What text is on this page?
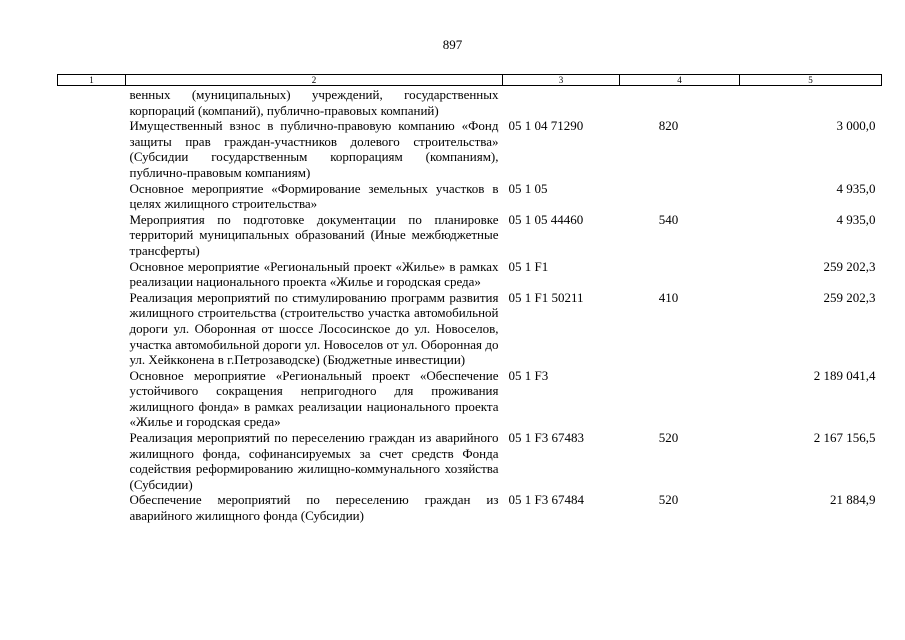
897
1	2	3	4	5
	венных (муниципальных) учреждений, государственных корпораций (компаний), публично-правовых компаний)			
	Имущественный взнос в публично-правовую компанию «Фонд защиты прав граждан-участников долевого строительства» (Субсидии государственным корпорациям (компаниям), публично-правовым компаниям)	05 1 04 71290	820	3 000,0
	Основное мероприятие «Формирование земельных участков в целях жилищного строительства»	05 1 05		4 935,0
	Мероприятия по подготовке документации по планировке территорий муниципальных образований (Иные межбюджетные трансферты)	05 1 05 44460	540	4 935,0
	Основное мероприятие «Региональный проект «Жилье» в рамках реализации национального проекта «Жилье и городская среда»	05 1 F1		259 202,3
	Реализация мероприятий по стимулированию программ развития жилищного строительства (строительство участка автомобильной дороги ул. Оборонная от шоссе Лососинское до ул. Новоселов, участка автомобильной дороги ул. Новоселов от ул. Оборонная до ул. Хейкконена в г.Петрозаводске) (Бюджетные инвестиции)	05 1 F1 50211	410	259 202,3
	Основное мероприятие «Региональный проект «Обеспечение устойчивого сокращения непригодного для проживания жилищного фонда» в рамках реализации национального проекта «Жилье и городская среда»	05 1 F3		2 189 041,4
	Реализация мероприятий по переселению граждан из аварийного жилищного фонда, софинансируемых за счет средств Фонда содействия реформированию жилищно-коммунального хозяйства (Субсидии)	05 1 F3 67483	520	2 167 156,5
	Обеспечение мероприятий по переселению граждан из аварийного жилищного фонда (Субсидии)	05 1 F3 67484	520	21 884,9
